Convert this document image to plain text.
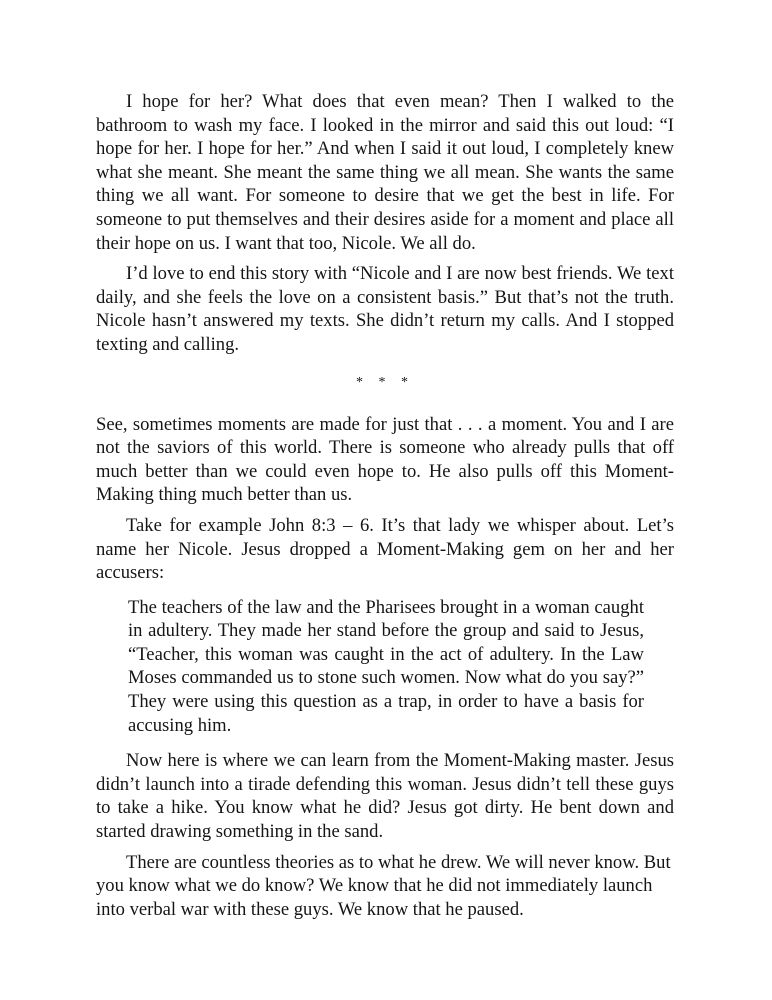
I hope for her? What does that even mean? Then I walked to the bathroom to wash my face. I looked in the mirror and said this out loud: “I hope for her. I hope for her.” And when I said it out loud, I completely knew what she meant. She meant the same thing we all mean. She wants the same thing we all want. For someone to desire that we get the best in life. For someone to put themselves and their desires aside for a moment and place all their hope on us. I want that too, Nicole. We all do.

I’d love to end this story with “Nicole and I are now best friends. We text daily, and she feels the love on a consistent basis.” But that’s not the truth. Nicole hasn’t answered my texts. She didn’t return my calls. And I stopped texting and calling.

* * *

See, sometimes moments are made for just that . . . a moment. You and I are not the saviors of this world. There is someone who already pulls that off much better than we could even hope to. He also pulls off this Moment-Making thing much better than us.

Take for example John 8:3 – 6. It’s that lady we whisper about. Let’s name her Nicole. Jesus dropped a Moment-Making gem on her and her accusers:

The teachers of the law and the Pharisees brought in a woman caught in adultery. They made her stand before the group and said to Jesus, “Teacher, this woman was caught in the act of adultery. In the Law Moses commanded us to stone such women. Now what do you say?” They were using this question as a trap, in order to have a basis for accusing him.

Now here is where we can learn from the Moment-Making master. Jesus didn’t launch into a tirade defending this woman. Jesus didn’t tell these guys to take a hike. You know what he did? Jesus got dirty. He bent down and started drawing something in the sand.

There are countless theories as to what he drew. We will never know. But you know what we do know? We know that he did not immediately launch into verbal war with these guys. We know that he paused.
